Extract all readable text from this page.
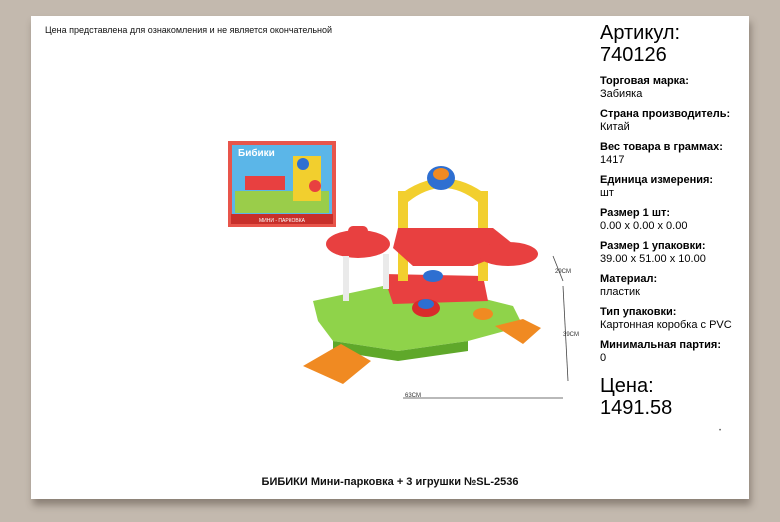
Цена представлена для ознакомления и не является окончательной
Бибики
МИНИ - ПАРКОВКА
29CM
39CM
63CM
Артикул:
740126
Торговая марка:
Забияка
Страна производитель:
Китай
Вес товара в граммах:
1417
Единица измерения:
шт
Размер 1 шт:
0.00 x 0.00 x 0.00
Размер 1 упаковки:
39.00 x 51.00 x 10.00
Материал:
пластик
Тип упаковки:
Картонная коробка с PVC
Минимальная партия:
0
Цена:
1491.58
•
БИБИКИ Мини-парковка + 3 игрушки №SL-2536
